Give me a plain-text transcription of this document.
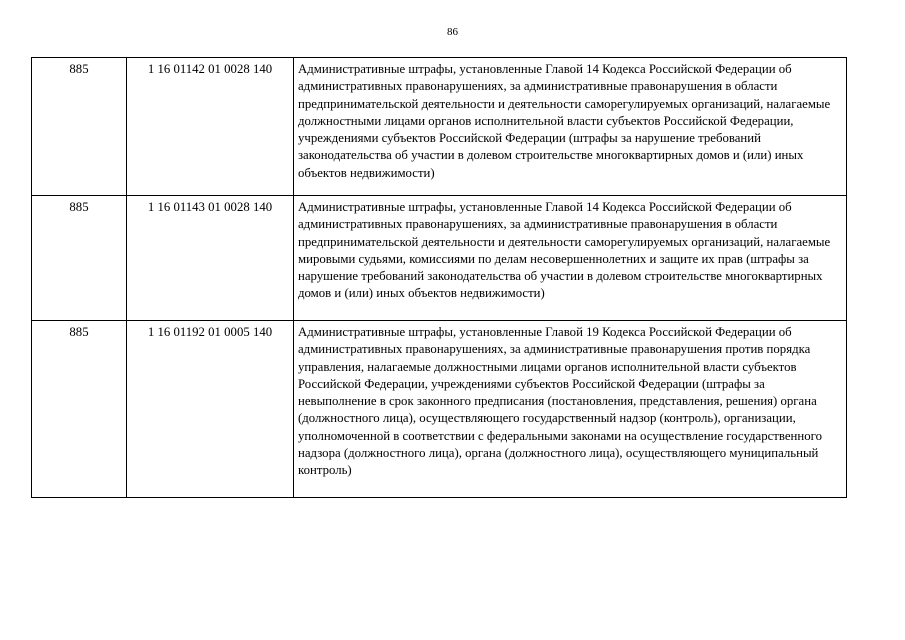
86
885	1 16 01142 01 0028 140	Административные штрафы, установленные Главой 14 Кодекса Российской Федерации об административных правонарушениях, за административные правонарушения в области предпринимательской деятельности и деятельности саморегулируемых организаций, налагаемые должностными лицами органов исполнительной власти субъектов Российской Федерации, учреждениями субъектов Российской Федерации (штрафы за нарушение требований законодательства об участии в долевом строительстве многоквартирных домов и (или) иных объектов недвижимости)
885	1 16 01143 01 0028 140	Административные штрафы, установленные Главой 14 Кодекса Российской Федерации об административных правонарушениях, за административные правонарушения в области предпринимательской деятельности и деятельности саморегулируемых организаций, налагаемые мировыми судьями, комиссиями по делам несовершеннолетних и защите их прав (штрафы за нарушение требований законодательства об участии в долевом строительстве многоквартирных домов и (или) иных объектов недвижимости)
885	1 16 01192 01 0005 140	Административные штрафы, установленные Главой 19 Кодекса Российской Федерации об административных правонарушениях, за административные правонарушения против порядка управления, налагаемые должностными лицами органов исполнительной власти субъектов Российской Федерации, учреждениями субъектов Российской Федерации (штрафы за невыполнение в срок законного предписания (постановления, представления, решения) органа (должностного лица), осуществляющего государственный надзор (контроль), организации, уполномоченной в соответствии с федеральными законами на осуществление государственного надзора (должностного лица), органа (должностного лица), осуществляющего муниципальный контроль)
